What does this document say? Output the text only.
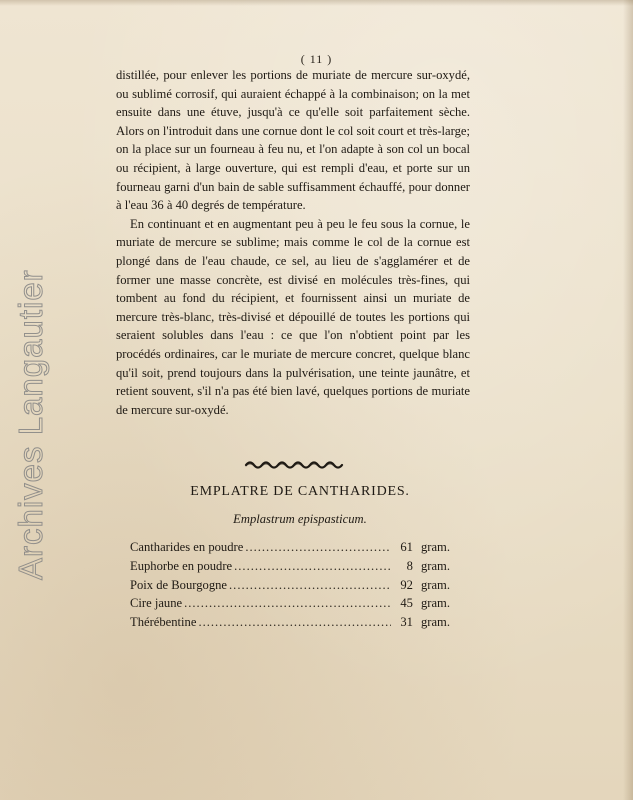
( 11 )

distillée, pour enlever les portions de muriate de mercure sur-oxydé, ou sublimé corrosif, qui auraient échappé à la combinaison; on la met ensuite dans une étuve, jusqu'à ce qu'elle soit parfaitement sèche. Alors on l'introduit dans une cornue dont le col soit court et très-large; on la place sur un fourneau à feu nu, et l'on adapte à son col un bocal ou récipient, à large ouverture, qui est rempli d'eau, et porte sur un fourneau garni d'un bain de sable suffisamment échauffé, pour donner à l'eau 36 à 40 degrés de température.

En continuant et en augmentant peu à peu le feu sous la cornue, le muriate de mercure se sublime; mais comme le col de la cornue est plongé dans de l'eau chaude, ce sel, au lieu de s'agglamérer et de former une masse concrète, est divisé en molécules très-fines, qui tombent au fond du récipient, et fournissent ainsi un muriate de mercure très-blanc, très-divisé et dépouillé de toutes les portions qui seraient solubles dans l'eau : ce que l'on n'obtient point par les procédés ordinaires, car le muriate de mercure concret, quelque blanc qu'il soit, prend toujours dans la pulvérisation, une teinte jaunâtre, et retient souvent, s'il n'a pas été bien lavé, quelques portions de muriate de mercure sur-oxydé.

EMPLATRE DE CANTHARIDES.
Emplastrum epispasticum.
Cantharides en poudre .....	61 gram.
Euphorbe en poudre .....	8 gram.
Poix de Bourgogne .....	92 gram.
Cire jaune .....	45 gram.
Thérébentine .....	31 gram.
Archives Langautier
